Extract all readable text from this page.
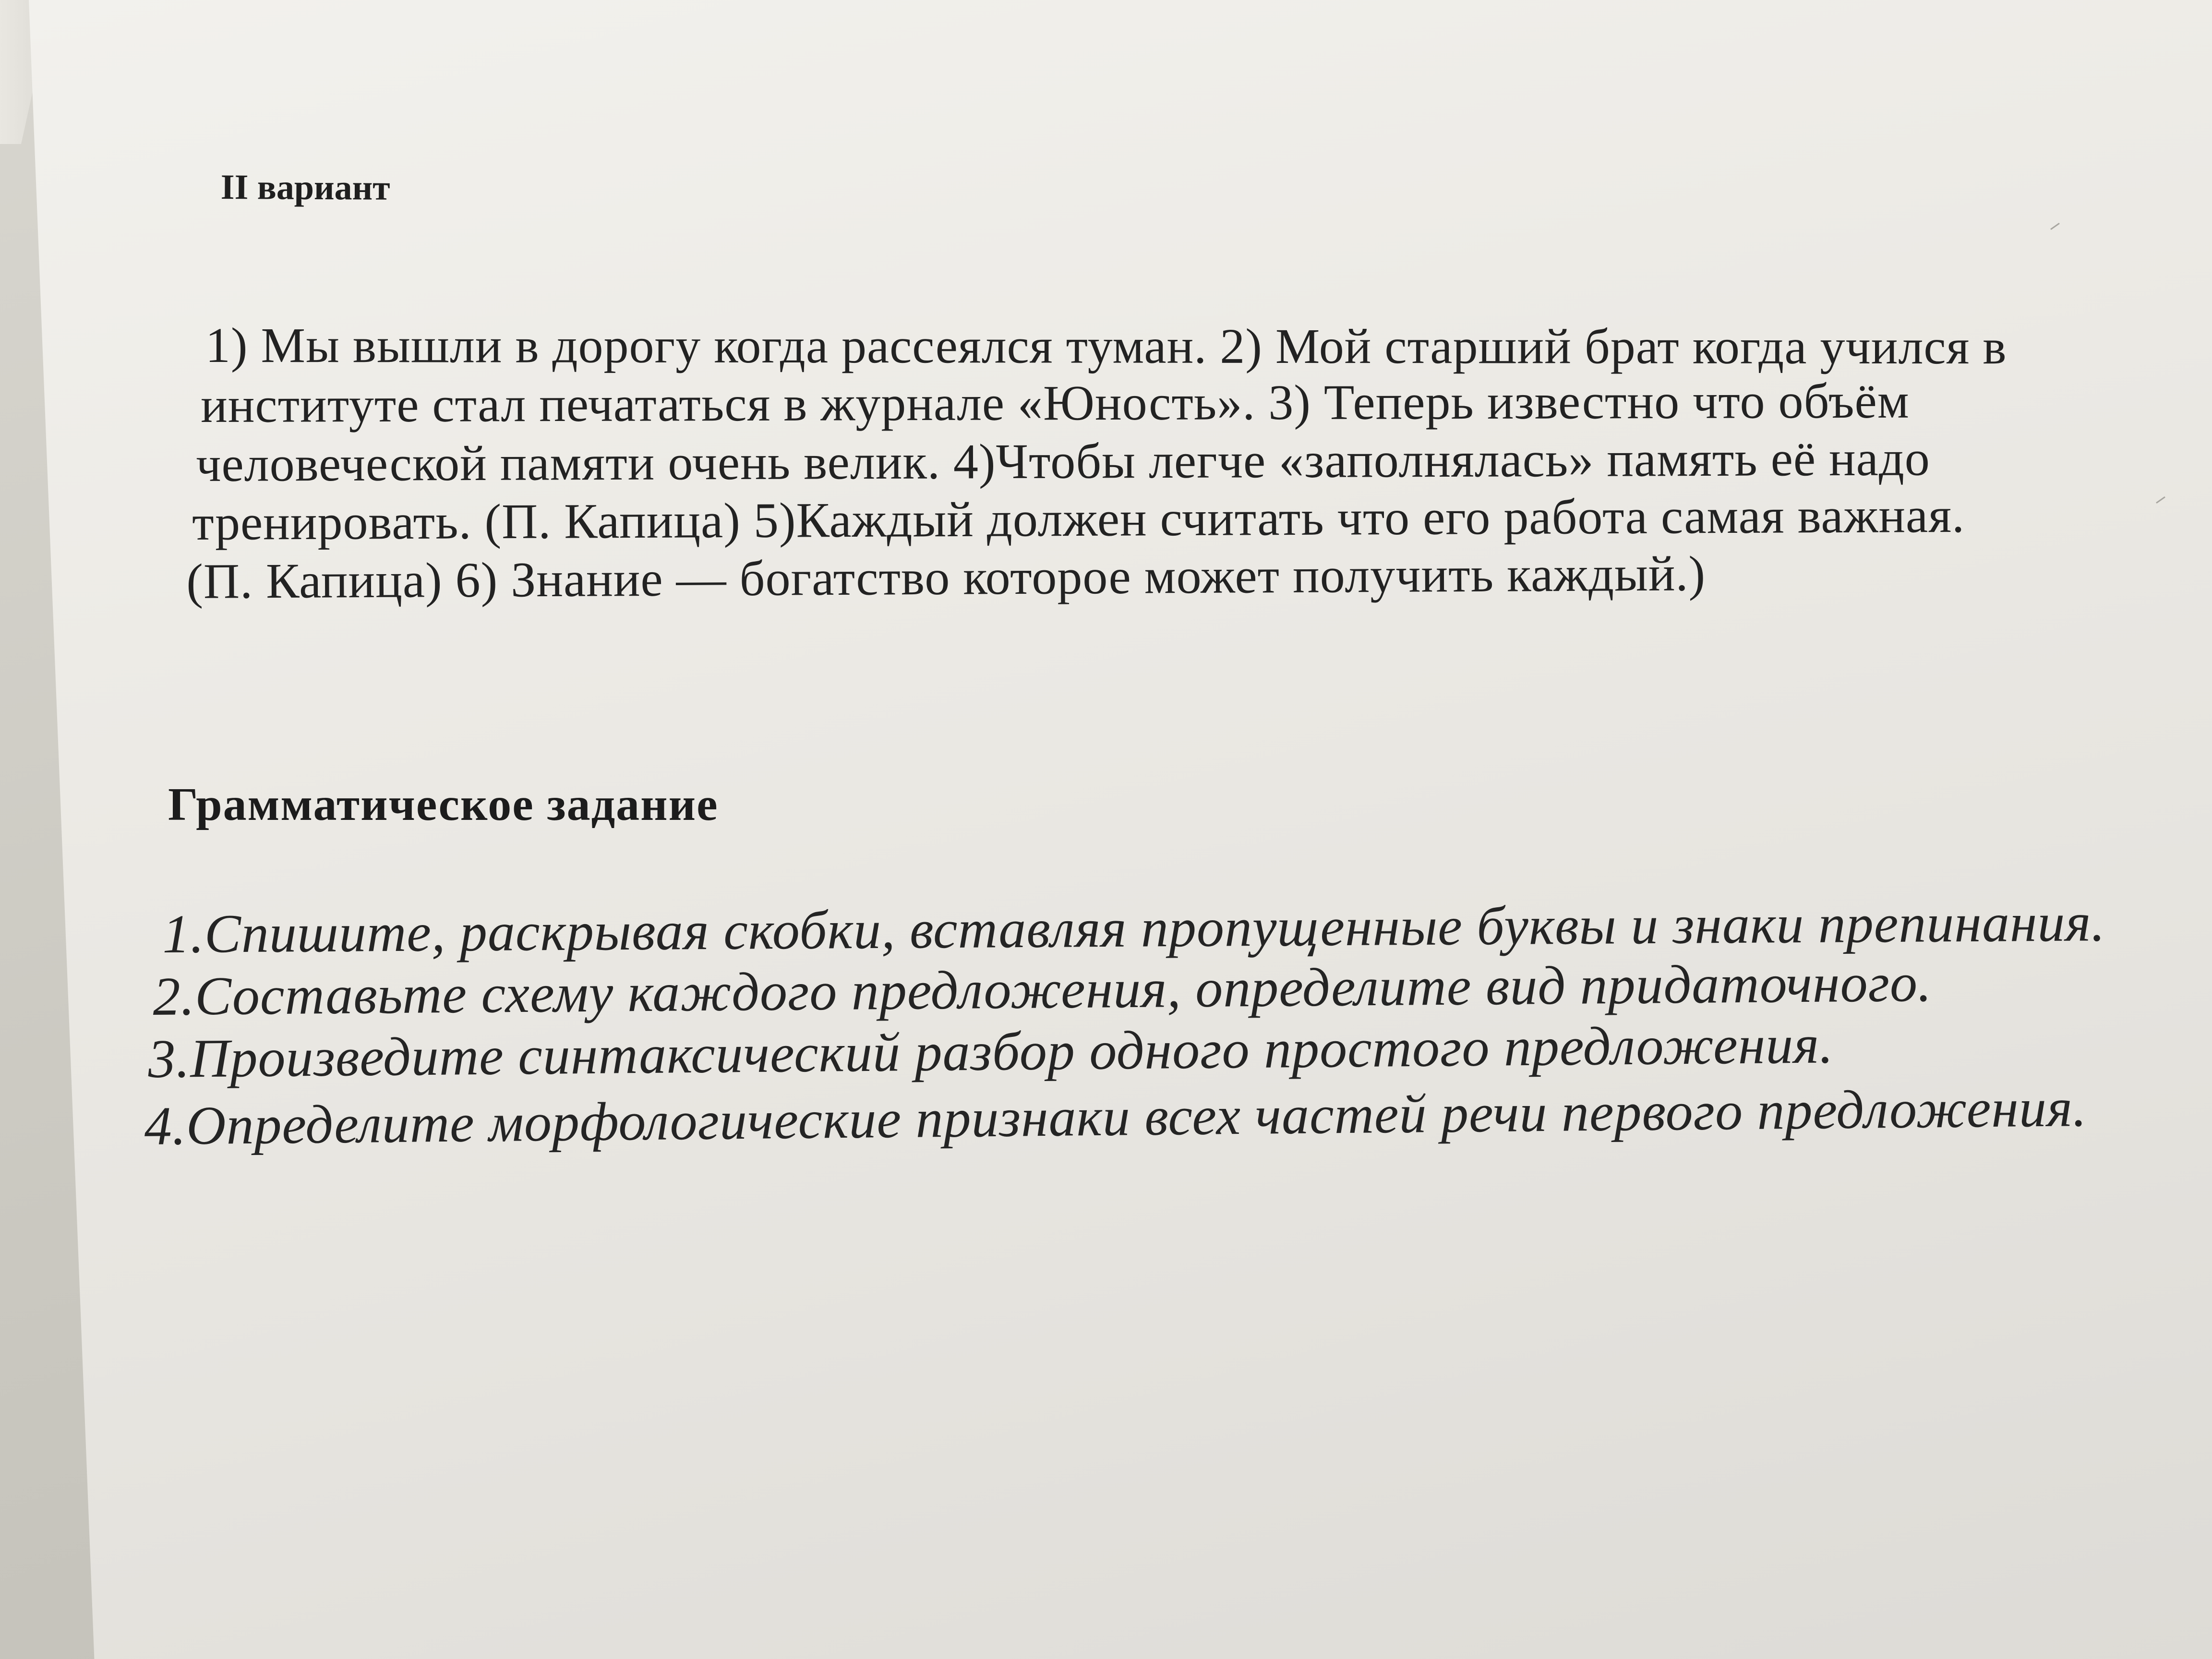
II вариант
1) Мы вышли в дорогу когда рассеялся туман. 2) Мой старший брат когда учился в
институте стал печататься в журнале «Юность». 3) Теперь известно что объём
человеческой памяти очень велик. 4)Чтобы легче «заполнялась» память её надо
тренировать. (П. Капица) 5)Каждый должен считать что его работа самая важная.
(П. Капица) 6) Знание — богатство которое может получить каждый.)
Грамматическое задание
1.Спишите, раскрывая скобки, вставляя пропущенные буквы и знаки препинания.
2.Составьте схему каждого предложения, определите вид придаточного.
3.Произведите синтаксический разбор одного простого предложения.
4.Определите морфологические признаки всех частей речи первого предложения.
